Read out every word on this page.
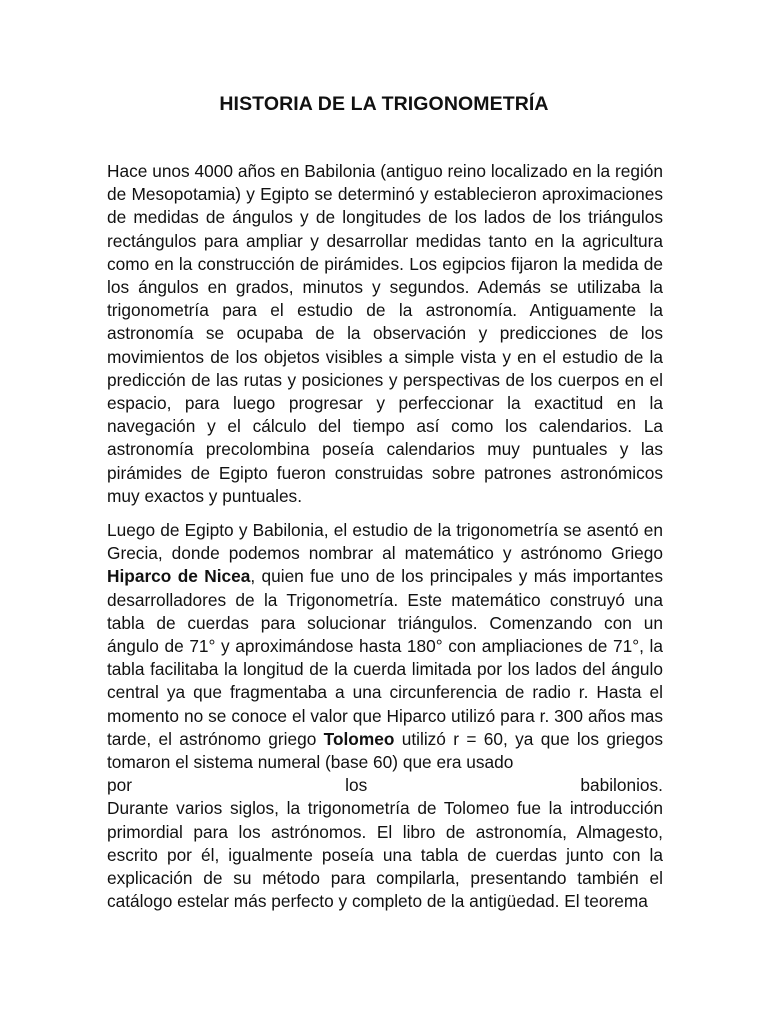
HISTORIA DE LA TRIGONOMETRÍA

Hace unos 4000 años en Babilonia (antiguo reino localizado en la región de Mesopotamia) y Egipto se determinó y establecieron aproximaciones de medidas de ángulos y de longitudes de los lados de los triángulos rectángulos para ampliar y desarrollar medidas tanto en la agricultura como en la construcción de pirámides. Los egipcios fijaron la medida de los ángulos en grados, minutos y segundos. Además se utilizaba la trigonometría para el estudio de la astronomía. Antiguamente la astronomía se ocupaba de la observación y predicciones de los movimientos de los objetos visibles a simple vista y en el estudio de la predicción de las rutas y posiciones y perspectivas de los cuerpos en el espacio, para luego progresar y perfeccionar la exactitud en la navegación y el cálculo del tiempo así como los calendarios. La astronomía precolombina poseía calendarios muy puntuales y las pirámides de Egipto fueron construidas sobre patrones astronómicos muy exactos y puntuales.

Luego de Egipto y Babilonia, el estudio de la trigonometría se asentó en Grecia, donde podemos nombrar al matemático y astrónomo Griego Hiparco de Nicea, quien fue uno de los principales y más importantes desarrolladores de la Trigonometría. Este matemático construyó una tabla de cuerdas para solucionar triángulos. Comenzando con un ángulo de 71° y aproximándose hasta 180° con ampliaciones de 71°, la tabla facilitaba la longitud de la cuerda limitada por los lados del ángulo central ya que fragmentaba a una circunferencia de radio r. Hasta el momento no se conoce el valor que Hiparco utilizó para r. 300 años mas tarde, el astrónomo griego Tolomeo utilizó r = 60, ya que los griegos tomaron el sistema numeral (base 60) que era usado
por	los	babilonios.
Durante varios siglos, la trigonometría de Tolomeo fue la introducción primordial para los astrónomos. El libro de astronomía, Almagesto, escrito por él, igualmente poseía una tabla de cuerdas junto con la explicación de su método para compilarla, presentando también el catálogo estelar más perfecto y completo de la antigüedad. El teorema
